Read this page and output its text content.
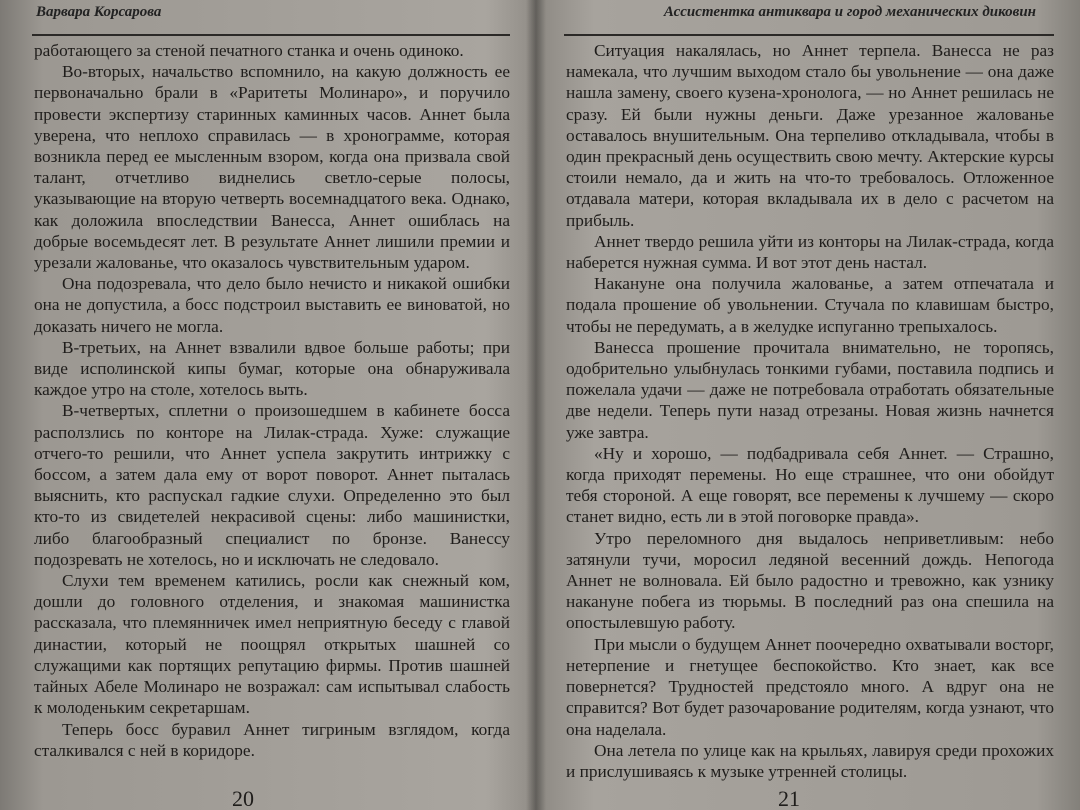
Варвара Корсарова

работающего за стеной печатного станка и очень одиноко.

Во-вторых, начальство вспомнило, на какую должность ее первоначально брали в «Раритеты Молинаро», и поручило провести экспертизу старинных каминных часов. Аннет была уверена, что неплохо справилась — в хронограмме, которая возникла перед ее мысленным взором, когда она призвала свой талант, отчетливо виднелись светло-серые полосы, указывающие на вторую четверть восемнадцатого века. Однако, как доложила впоследствии Ванесса, Аннет ошиблась на добрые восемьдесят лет. В результате Аннет лишили премии и урезали жалованье, что оказалось чувствительным ударом.

Она подозревала, что дело было нечисто и никакой ошибки она не допустила, а босс подстроил выставить ее виноватой, но доказать ничего не могла.

В-третьих, на Аннет взвалили вдвое больше работы; при виде исполинской кипы бумаг, которые она обнаруживала каждое утро на столе, хотелось выть.

В-четвертых, сплетни о произошедшем в кабинете босса расползлись по конторе на Лилак-страда. Хуже: служащие отчего-то решили, что Аннет успела закрутить интрижку с боссом, а затем дала ему от ворот поворот. Аннет пыталась выяснить, кто распускал гадкие слухи. Определенно это был кто-то из свидетелей некрасивой сцены: либо машинистки, либо благообразный специалист по бронзе. Ванессу подозревать не хотелось, но и исключать не следовало.

Слухи тем временем катились, росли как снежный ком, дошли до головного отделения, и знакомая машинистка рассказала, что племянничек имел неприятную беседу с главой династии, который не поощрял открытых шашней со служащими как портящих репутацию фирмы. Против шашней тайных Абеле Молинаро не возражал: сам испытывал слабость к молоденьким секретаршам.

Теперь босс буравил Аннет тигриным взглядом, когда сталкивался с ней в коридоре.

20
Ассистентка антиквара и город механических диковин

Ситуация накалялась, но Аннет терпела. Ванесса не раз намекала, что лучшим выходом стало бы увольнение — она даже нашла замену, своего кузена-хронолога, — но Аннет решилась не сразу. Ей были нужны деньги. Даже урезанное жалованье оставалось внушительным. Она терпеливо откладывала, чтобы в один прекрасный день осуществить свою мечту. Актерские курсы стоили немало, да и жить на что-то требовалось. Отложенное отдавала матери, которая вкладывала их в дело с расчетом на прибыль.

Аннет твердо решила уйти из конторы на Лилак-страда, когда наберется нужная сумма. И вот этот день настал.

Накануне она получила жалованье, а затем отпечатала и подала прошение об увольнении. Стучала по клавишам быстро, чтобы не передумать, а в желудке испуганно трепыхалось.

Ванесса прошение прочитала внимательно, не торопясь, одобрительно улыбнулась тонкими губами, поставила подпись и пожелала удачи — даже не потребовала отработать обязательные две недели. Теперь пути назад отрезаны. Новая жизнь начнется уже завтра.

«Ну и хорошо, — подбадривала себя Аннет. — Страшно, когда приходят перемены. Но еще страшнее, что они обойдут тебя стороной. А еще говорят, все перемены к лучшему — скоро станет видно, есть ли в этой поговорке правда».

Утро переломного дня выдалось неприветливым: небо затянули тучи, моросил ледяной весенний дождь. Непогода Аннет не волновала. Ей было радостно и тревожно, как узнику накануне побега из тюрьмы. В последний раз она спешила на опостылевшую работу.

При мысли о будущем Аннет поочередно охватывали восторг, нетерпение и гнетущее беспокойство. Кто знает, как все повернется? Трудностей предстояло много. А вдруг она не справится? Вот будет разочарование родителям, когда узнают, что она наделала.

Она летела по улице как на крыльях, лавируя среди прохожих и прислушиваясь к музыке утренней столицы.

21
